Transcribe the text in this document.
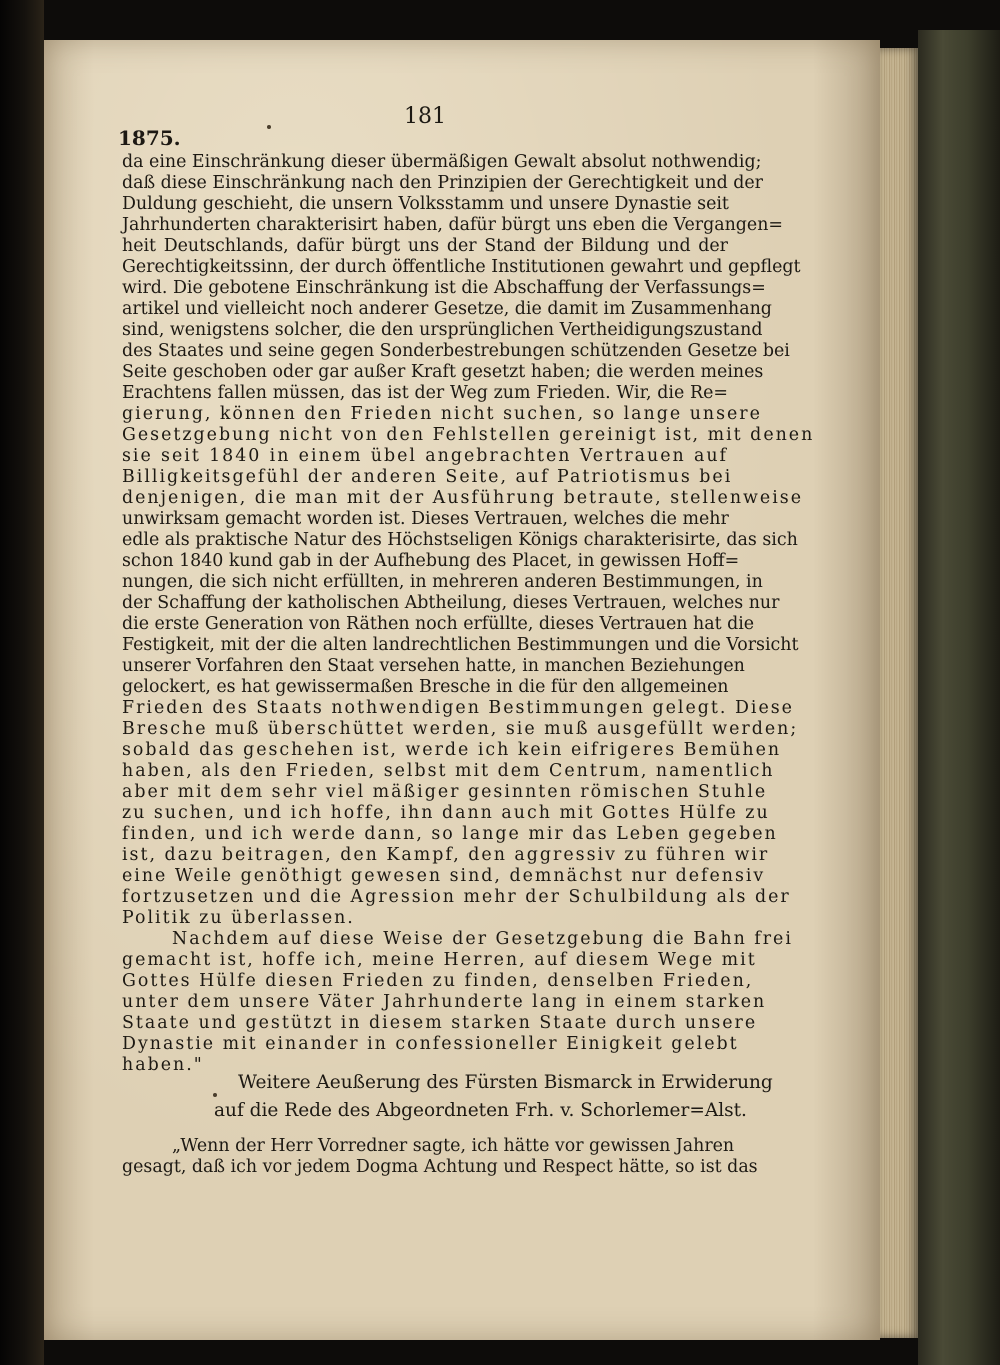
181
1875.
da eine Einschränkung dieser übermäßigen Gewalt absolut nothwendig;
daß diese Einschränkung nach den Prinzipien der Gerechtigkeit und der
Duldung geschieht, die unsern Volksstamm und unsere Dynastie seit
Jahrhunderten charakterisirt haben, dafür bürgt uns eben die Vergangen=
heit Deutschlands, dafür bürgt uns der Stand der Bildung und der
Gerechtigkeitssinn, der durch öffentliche Institutionen gewahrt und gepflegt
wird. Die gebotene Einschränkung ist die Abschaffung der Verfassungs=
artikel und vielleicht noch anderer Gesetze, die damit im Zusammenhang
sind, wenigstens solcher, die den ursprünglichen Vertheidigungszustand
des Staates und seine gegen Sonderbestrebungen schützenden Gesetze bei
Seite geschoben oder gar außer Kraft gesetzt haben; die werden meines
Erachtens fallen müssen, das ist der Weg zum Frieden. Wir, die Re=
gierung, können den Frieden nicht suchen, so lange unsere
Gesetzgebung nicht von den Fehlstellen gereinigt ist, mit denen
sie seit 1840 in einem übel angebrachten Vertrauen auf
Billigkeitsgefühl der anderen Seite, auf Patriotismus bei
denjenigen, die man mit der Ausführung betraute, stellenweise
unwirksam gemacht worden ist. Dieses Vertrauen, welches die mehr
edle als praktische Natur des Höchstseligen Königs charakterisirte, das sich
schon 1840 kund gab in der Aufhebung des Placet, in gewissen Hoff=
nungen, die sich nicht erfüllten, in mehreren anderen Bestimmungen, in
der Schaffung der katholischen Abtheilung, dieses Vertrauen, welches nur
die erste Generation von Räthen noch erfüllte, dieses Vertrauen hat die
Festigkeit, mit der die alten landrechtlichen Bestimmungen und die Vorsicht
unserer Vorfahren den Staat versehen hatte, in manchen Beziehungen
gelockert, es hat gewissermaßen Bresche in die für den allgemeinen
Frieden des Staats nothwendigen Bestimmungen gelegt. Diese
Bresche muß überschüttet werden, sie muß ausgefüllt werden;
sobald das geschehen ist, werde ich kein eifrigeres Bemühen
haben, als den Frieden, selbst mit dem Centrum, namentlich
aber mit dem sehr viel mäßiger gesinnten römischen Stuhle
zu suchen, und ich hoffe, ihn dann auch mit Gottes Hülfe zu
finden, und ich werde dann, so lange mir das Leben gegeben
ist, dazu beitragen, den Kampf, den aggressiv zu führen wir
eine Weile genöthigt gewesen sind, demnächst nur defensiv
fortzusetzen und die Agression mehr der Schulbildung als der
Politik zu überlassen.
Nachdem auf diese Weise der Gesetzgebung die Bahn frei
gemacht ist, hoffe ich, meine Herren, auf diesem Wege mit
Gottes Hülfe diesen Frieden zu finden, denselben Frieden,
unter dem unsere Väter Jahrhunderte lang in einem starken
Staate und gestützt in diesem starken Staate durch unsere
Dynastie mit einander in confessioneller Einigkeit gelebt
haben."
Weitere Aeußerung des Fürsten Bismarck in Erwiderung
auf die Rede des Abgeordneten Frh. v. Schorlemer=Alst.
„Wenn der Herr Vorredner sagte, ich hätte vor gewissen Jahren
gesagt, daß ich vor jedem Dogma Achtung und Respect hätte, so ist das
